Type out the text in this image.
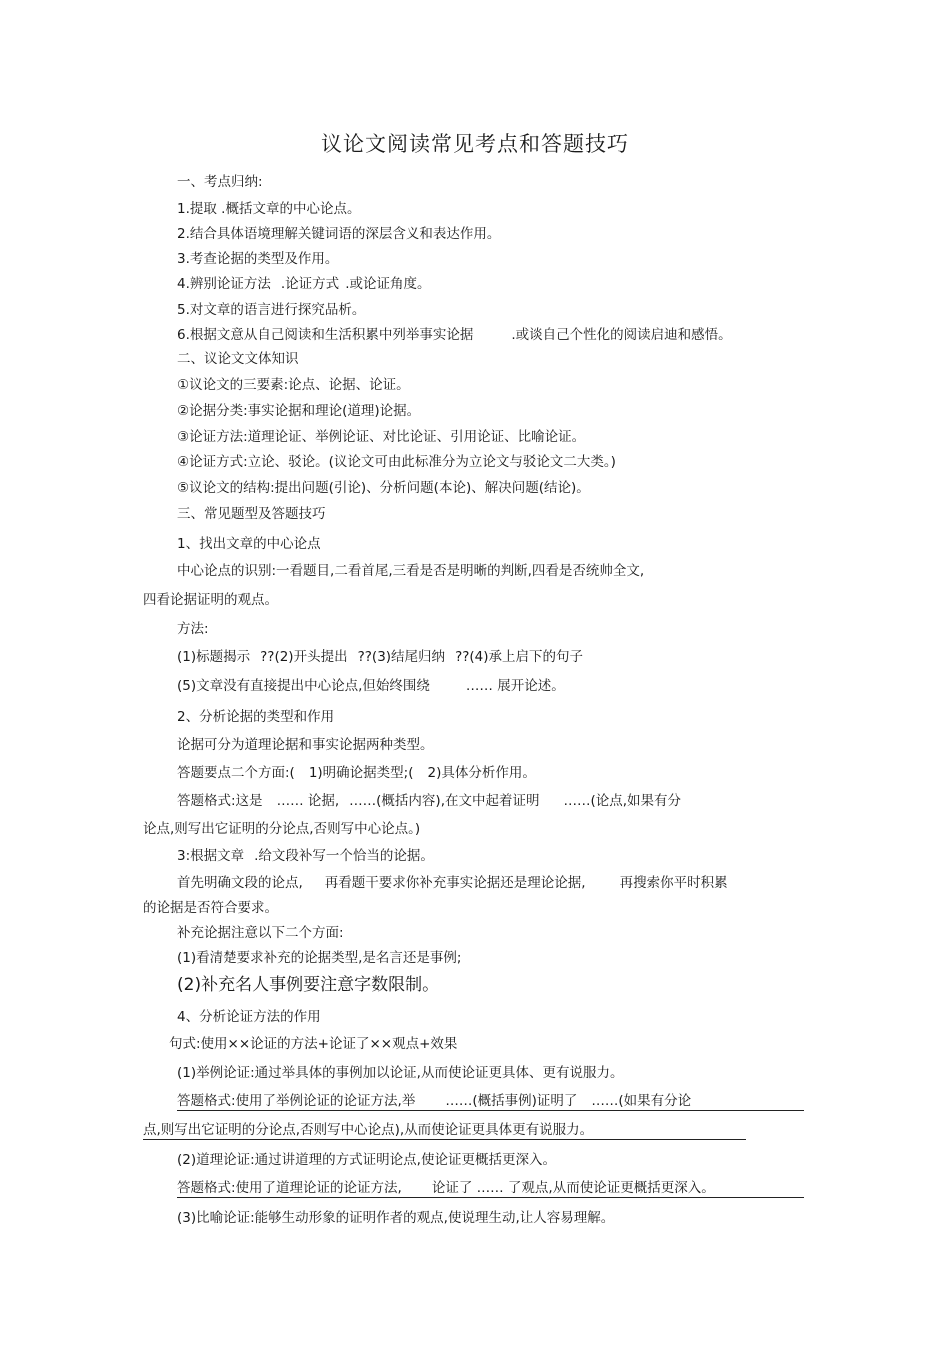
议论文阅读常见考点和答题技巧
一、考点归纳:
1.提取 .概括文章的中心论点。
2.结合具体语境理解关键词语的深层含义和表达作用。
3.考查论据的类型及作用。
4.辨别论证方法 .论证方式 .或论证角度。
5.对文章的语言进行探究品析。
6.根据文意从自己阅读和生活积累中列举事实论据	.或谈自己个性化的阅读启迪和感悟。
二、议论文文体知识
①议论文的三要素:论点、论据、论证。
②论据分类:事实论据和理论(道理)论据。
③论证方法:道理论证、举例论证、对比论证、引用论证、比喻论证。
④论证方式:立论、驳论。(议论文可由此标准分为立论文与驳论文二大类。)
⑤议论文的结构:提出问题(引论)、分析问题(本论)、解决问题(结论)。
三、常见题型及答题技巧
1、找出文章的中心论点
中心论点的识别:一看题目,二看首尾,三看是否是明晰的判断,四看是否统帅全文,
四看论据证明的观点。
方法:
(1)标题揭示 ??(2)开头提出 ??(3)结尾归纳 ??(4)承上启下的句子
(5)文章没有直接提出中心论点,但始终围绕	…… 展开论述。
2、分析论据的类型和作用
论据可分为道理论据和事实论据两种类型。
答题要点二个方面:( 1)明确论据类型;( 2)具体分析作用。
答题格式:这是 …… 论据, ……(概括内容),在文中起着证明 ……(论点,如果有分
论点,则写出它证明的分论点,否则写中心论点。)
3:根据文章 .给文段补写一个恰当的论据。
首先明确文段的论点, 再看题干要求你补充事实论据还是理论论据,	再搜索你平时积累
的论据是否符合要求。
补充论据注意以下二个方面:
(1)看清楚要求补充的论据类型,是名言还是事例;
(2)补充名人事例要注意字数限制。
4、分析论证方法的作用
句式:使用××论证的方法+论证了××观点+效果
(1)举例论证:通过举具体的事例加以论证,从而使论证更具体、更有说服力。
答题格式:使用了举例论证的论证方法,举 ……(概括事例)证明了 ……(如果有分论
点,则写出它证明的分论点,否则写中心论点),从而使论证更具体更有说服力。
(2)道理论证:通过讲道理的方式证明论点,使论证更概括更深入。
答题格式:使用了道理论证的论证方法, 论证了 …… 了观点,从而使论证更概括更深入。
(3)比喻论证:能够生动形象的证明作者的观点,使说理生动,让人容易理解。
